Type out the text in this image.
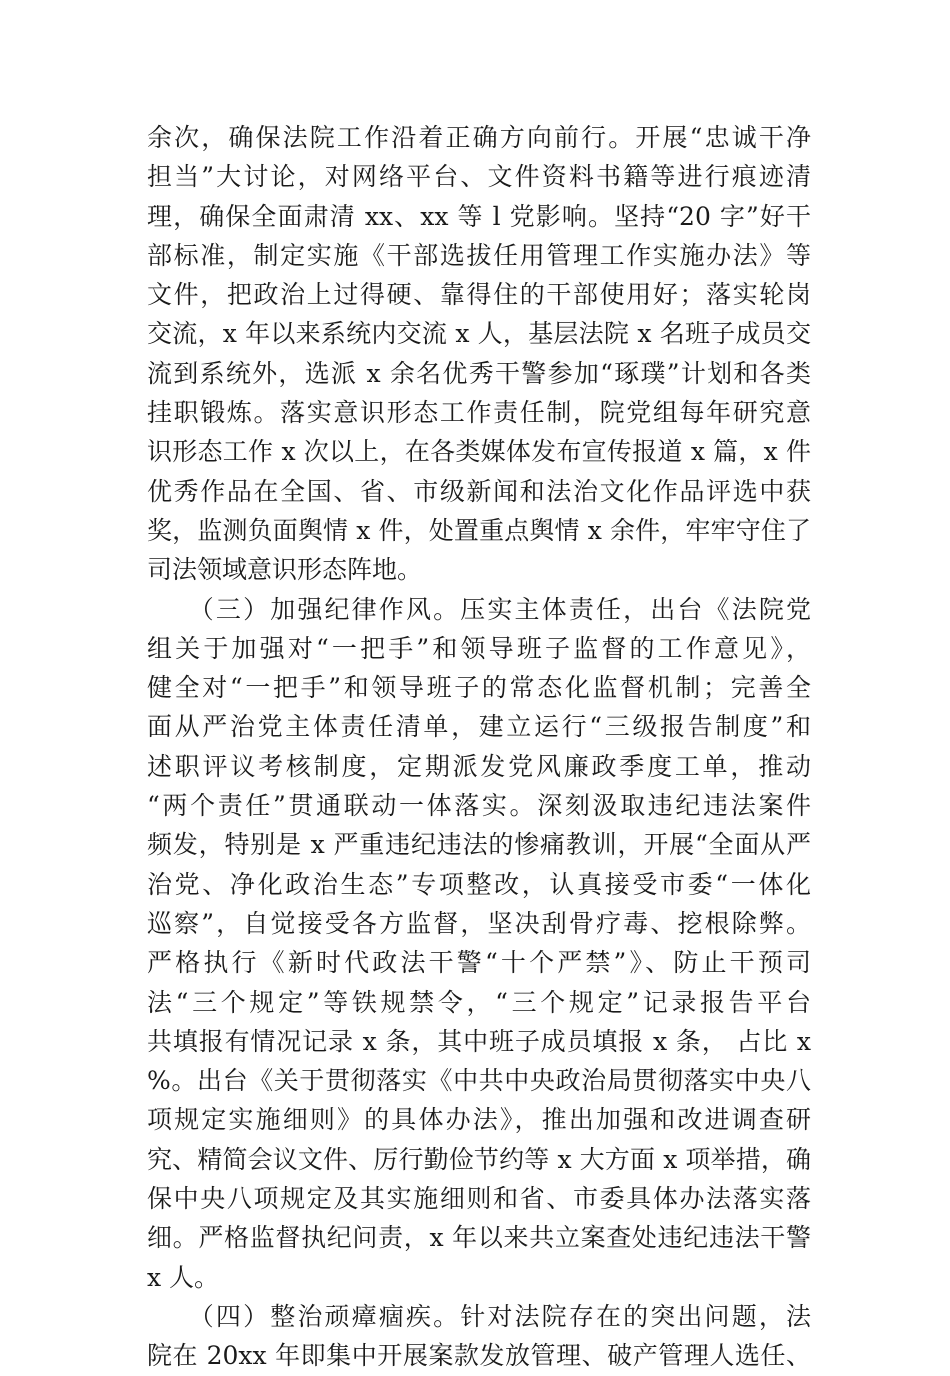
余次，确保法院工作沿着正确方向前行。开展“忠诚干净
担当”大讨论，对网络平台、文件资料书籍等进行痕迹清
理，确保全面肃清 xx、xx 等 l 党影响。坚持“20 字”好干
部标准，制定实施《干部选拔任用管理工作实施办法》等
文件，把政治上过得硬、靠得住的干部使用好；落实轮岗
交流，x 年以来系统内交流 x 人，基层法院 x 名班子成员交
流到系统外，选派 x 余名优秀干警参加“琢璞”计划和各类
挂职锻炼。落实意识形态工作责任制，院党组每年研究意
识形态工作 x 次以上，在各类媒体发布宣传报道 x 篇，x 件
优秀作品在全国、省、市级新闻和法治文化作品评选中获
奖，监测负面舆情 x 件，处置重点舆情 x 余件，牢牢守住了
司法领域意识形态阵地。
　　（三）加强纪律作风。压实主体责任，出台《法院党
组关于加强对“一把手”和领导班子监督的工作意见》，
健全对“一把手”和领导班子的常态化监督机制；完善全
面从严治党主体责任清单，建立运行“三级报告制度”和
述职评议考核制度，定期派发党风廉政季度工单，推动
“两个责任”贯通联动一体落实。深刻汲取违纪违法案件
频发，特别是 x 严重违纪违法的惨痛教训，开展“全面从严
治党、净化政治生态”专项整改，认真接受市委“一体化
巡察”，自觉接受各方监督，坚决刮骨疗毒、挖根除弊。
严格执行《新时代政法干警“十个严禁”》、防止干预司
法“三个规定”等铁规禁令，“三个规定”记录报告平台
共填报有情况记录 x 条，其中班子成员填报 x 条， 占比 x
%。出台《关于贯彻落实《中共中央政治局贯彻落实中央八
项规定实施细则》的具体办法》，推出加强和改进调查研
究、精简会议文件、厉行勤俭节约等 x 大方面 x 项举措，确
保中央八项规定及其实施细则和省、市委具体办法落实落
细。严格监督执纪问责，x 年以来共立案查处违纪违法干警
x 人。
　　（四）整治顽瘴痼疾。针对法院存在的突出问题，法
院在 20xx 年即集中开展案款发放管理、破产管理人选任、
